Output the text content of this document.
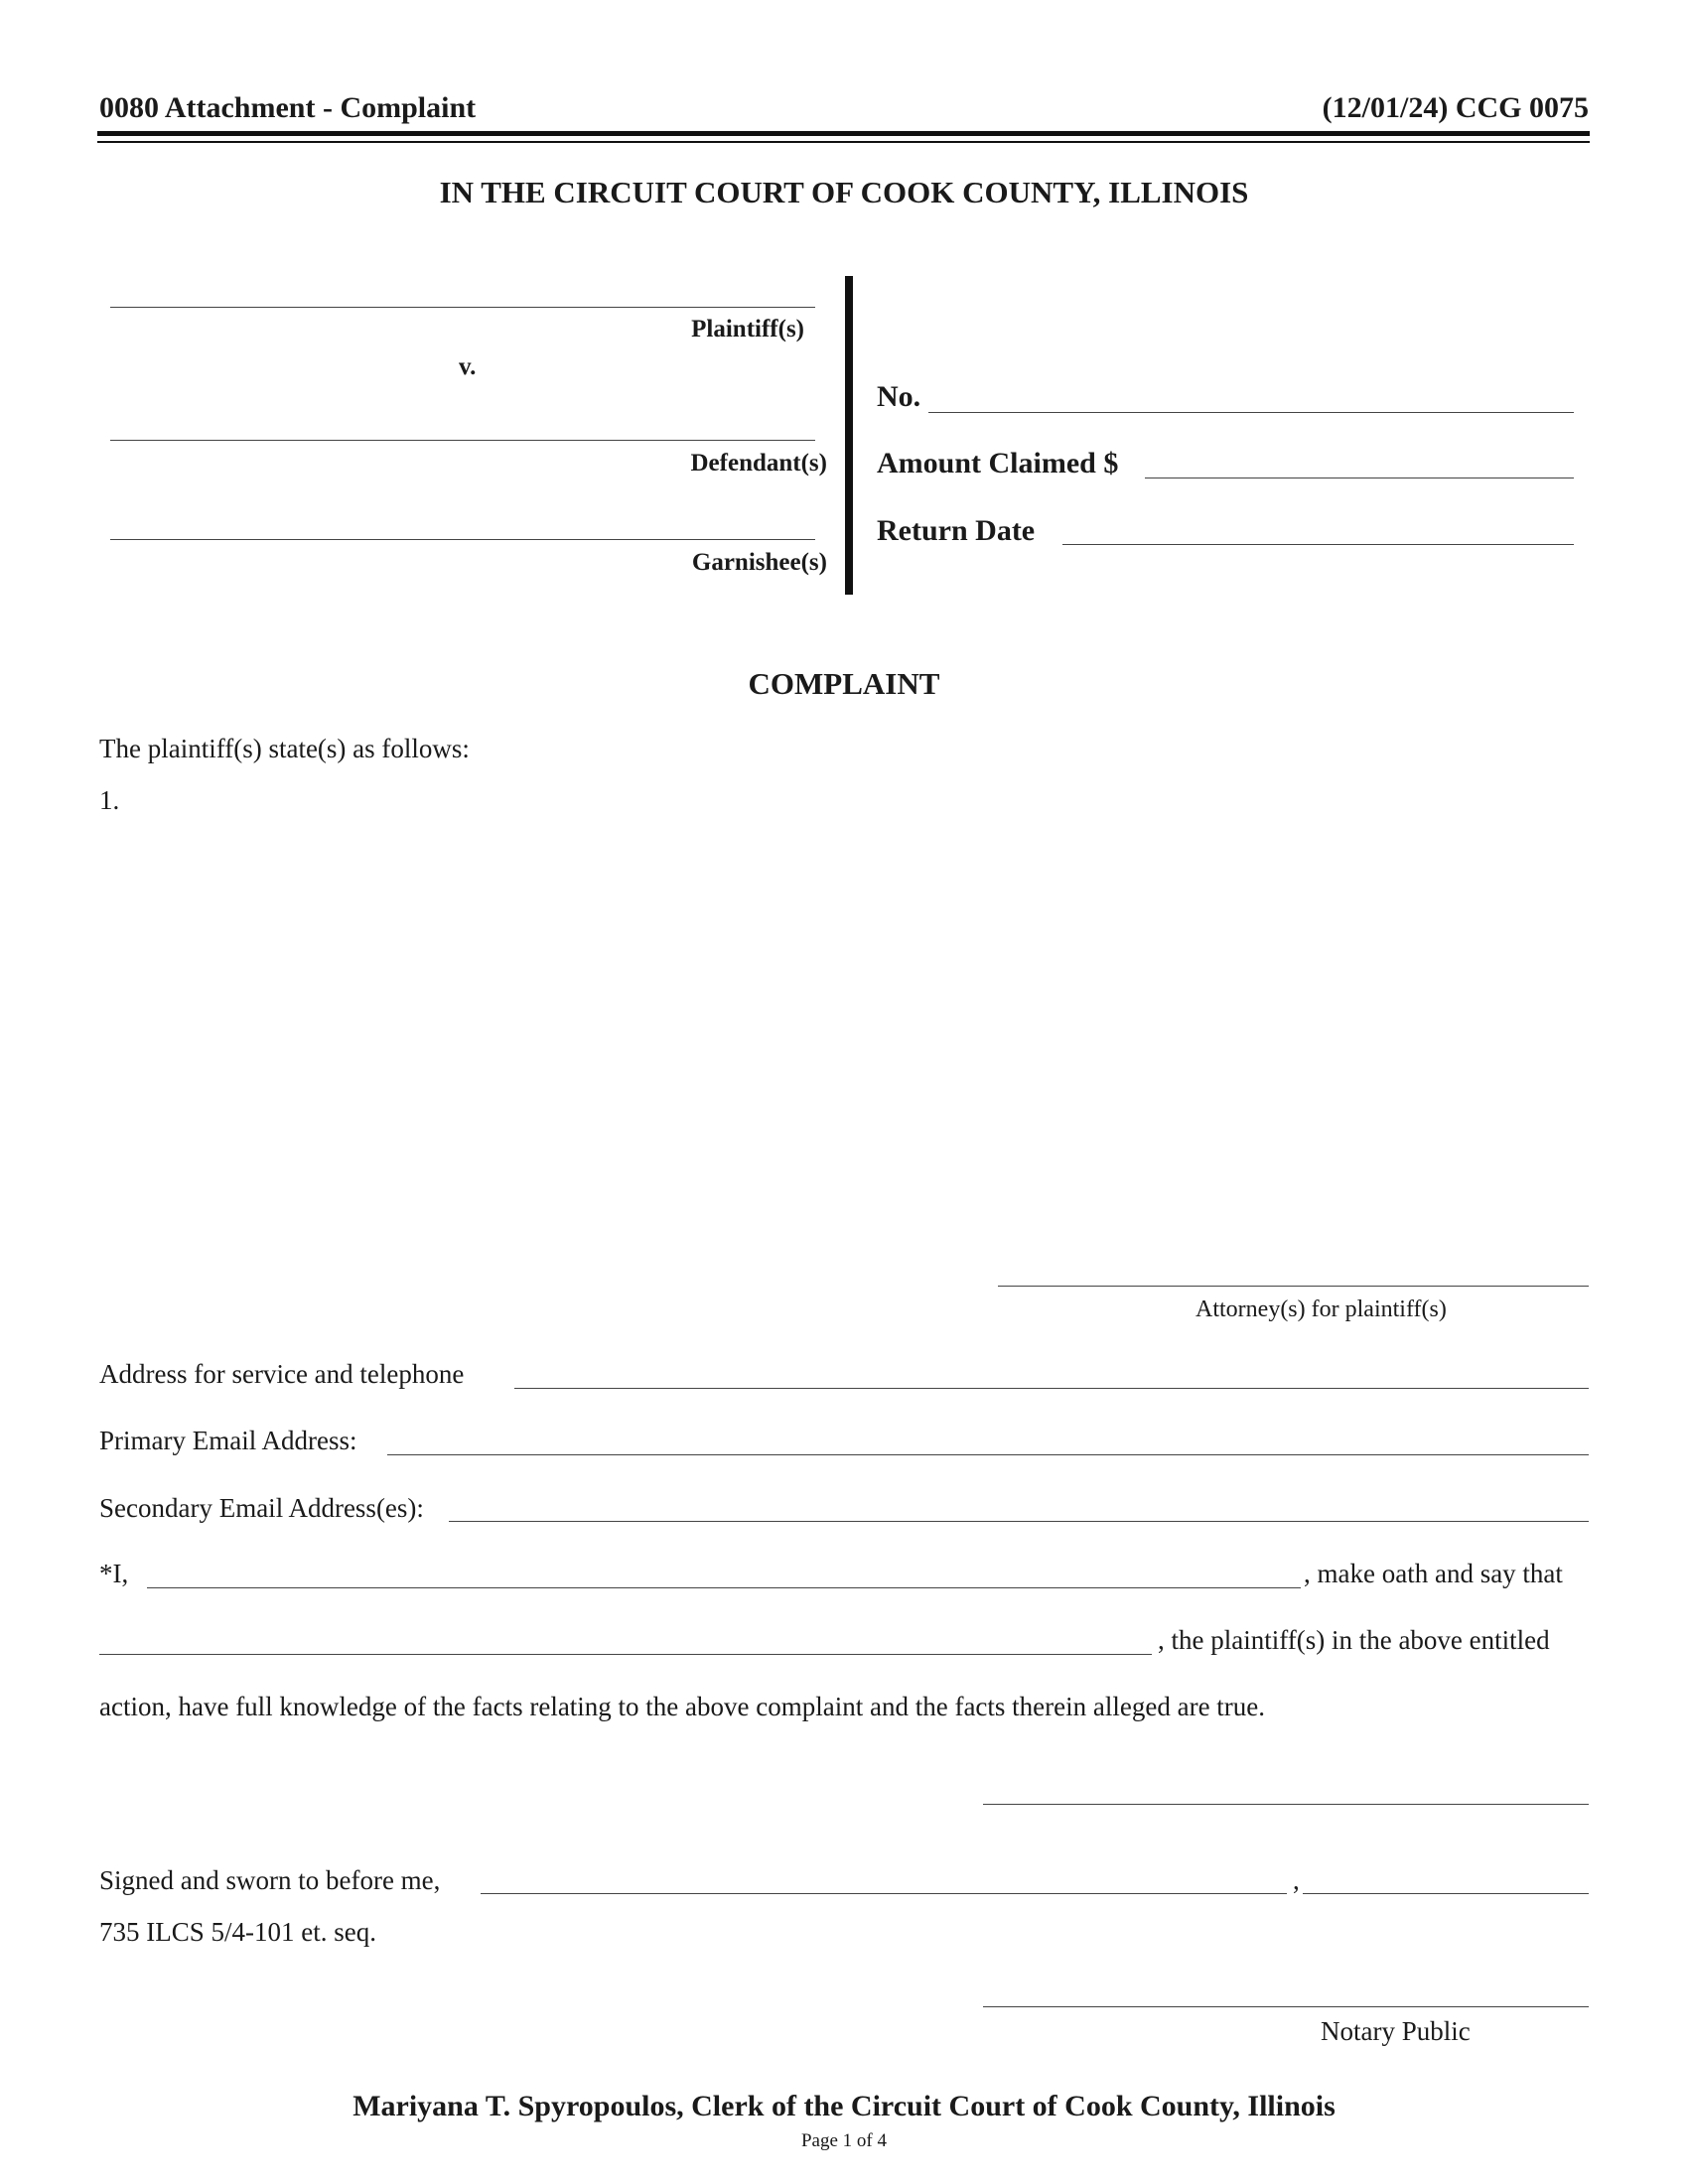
0080 Attachment - Complaint	(12/01/24) CCG 0075
IN THE CIRCUIT COURT OF COOK COUNTY, ILLINOIS
Plaintiff(s)
v.
Defendant(s)
Garnishee(s)
No.
Amount Claimed $
Return Date
COMPLAINT
The plaintiff(s) state(s) as follows:
1.
Attorney(s) for plaintiff(s)
Address for service and telephone
Primary Email Address:
Secondary Email Address(es):
*I,	, make oath and say that
, the plaintiff(s) in the above entitled
action, have full knowledge of the facts relating to the above complaint and the facts therein alleged are true.
Signed and sworn to before me,	,
735 ILCS 5/4-101 et. seq.
Notary Public
Mariyana T. Spyropoulos, Clerk of the Circuit Court of Cook County, Illinois
Page 1 of 4
